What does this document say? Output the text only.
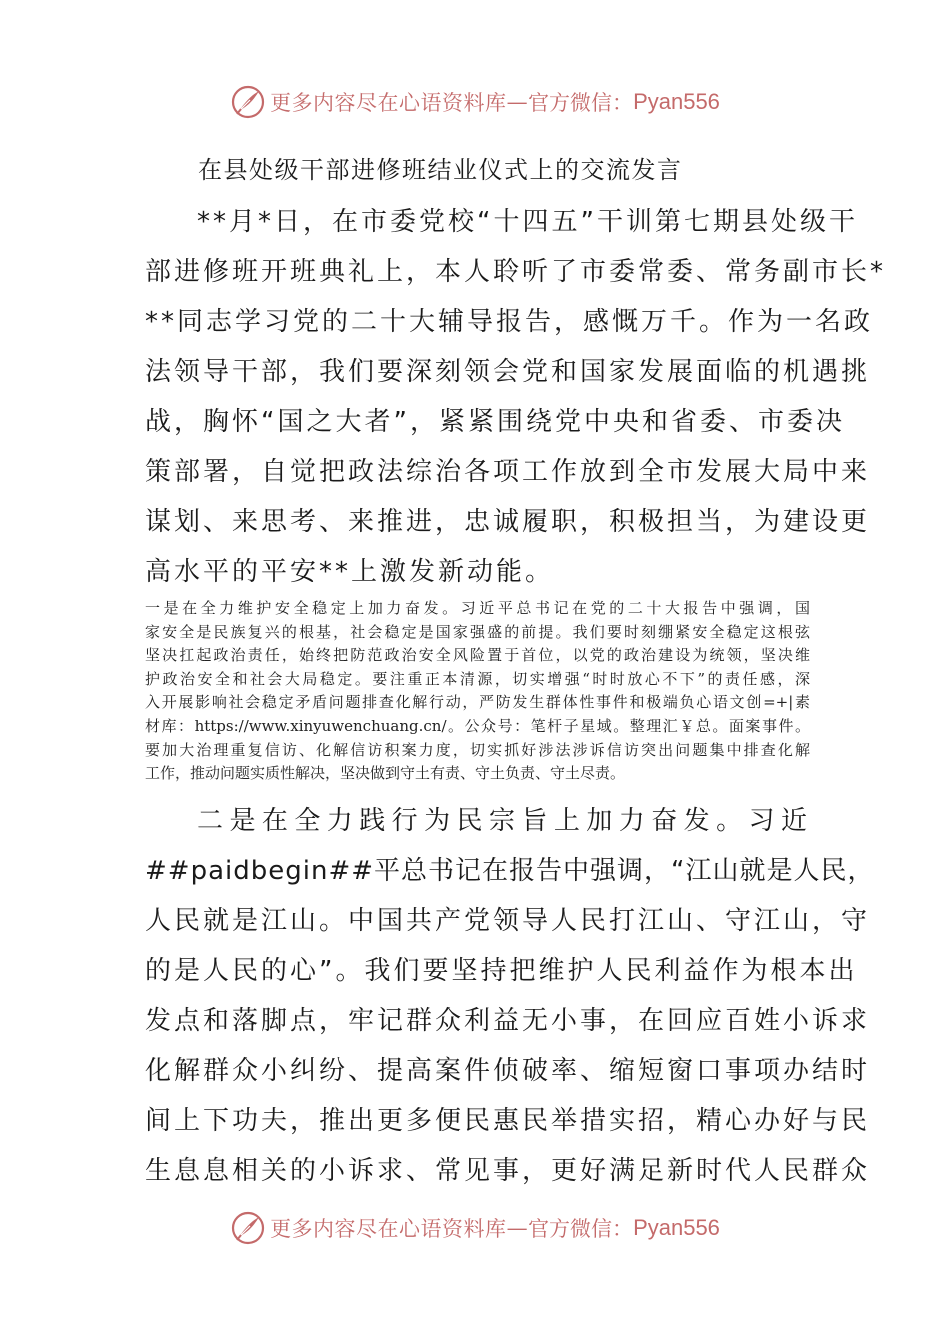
更多内容尽在心语资料库 — 官方微信： Pyan556
在县处级干部进修班结业仪式上的交流发言
**月*日，在市委党校“十四五”干训第七期县处级干
部进修班开班典礼上，本人聆听了市委常委、常务副市长*
**同志学习党的二十大辅导报告，感慨万千。作为一名政
法领导干部，我们要深刻领会党和国家发展面临的机遇挑
战，胸怀“国之大者”，紧紧围绕党中央和省委、市委决
策部署，自觉把政法综治各项工作放到全市发展大局中来
谋划、来思考、来推进，忠诚履职，积极担当，为建设更
高水平的平安**上激发新动能。
一是在全力维护安全稳定上加力奋发。习近平总书记在党的二十大报告中强调，国
家安全是民族复兴的根基，社会稳定是国家强盛的前提。我们要时刻绷紧安全稳定这根弦
坚决扛起政治责任，始终把防范政治安全风险置于首位，以党的政治建设为统领，坚决维
护政治安全和社会大局稳定。要注重正本清源，切实增强“时时放心不下”的责任感，深
入开展影响社会稳定矛盾问题排查化解行动，严防发生群体性事件和极端负心语文创=+|素
材库：https://www.xinyuwenchuang.cn/。公众号：笔杆子星域。整理汇￥总。面案事件。
要加大治理重复信访、化解信访积案力度，切实抓好涉法涉诉信访突出问题集中排查化解
工作，推动问题实质性解决，坚决做到守土有责、守土负责、守土尽责。
二是在全力践行为民宗旨上加力奋发。习近
##paidbegin##平总书记在报告中强调，“江山就是人民，
人民就是江山。中国共产党领导人民打江山、守江山，守
的是人民的心”。我们要坚持把维护人民利益作为根本出
发点和落脚点，牢记群众利益无小事，在回应百姓小诉求
化解群众小纠纷、提高案件侦破率、缩短窗口事项办结时
间上下功夫，推出更多便民惠民举措实招，精心办好与民
生息息相关的小诉求、常见事，更好满足新时代人民群众
更多内容尽在心语资料库 — 官方微信： Pyan556
